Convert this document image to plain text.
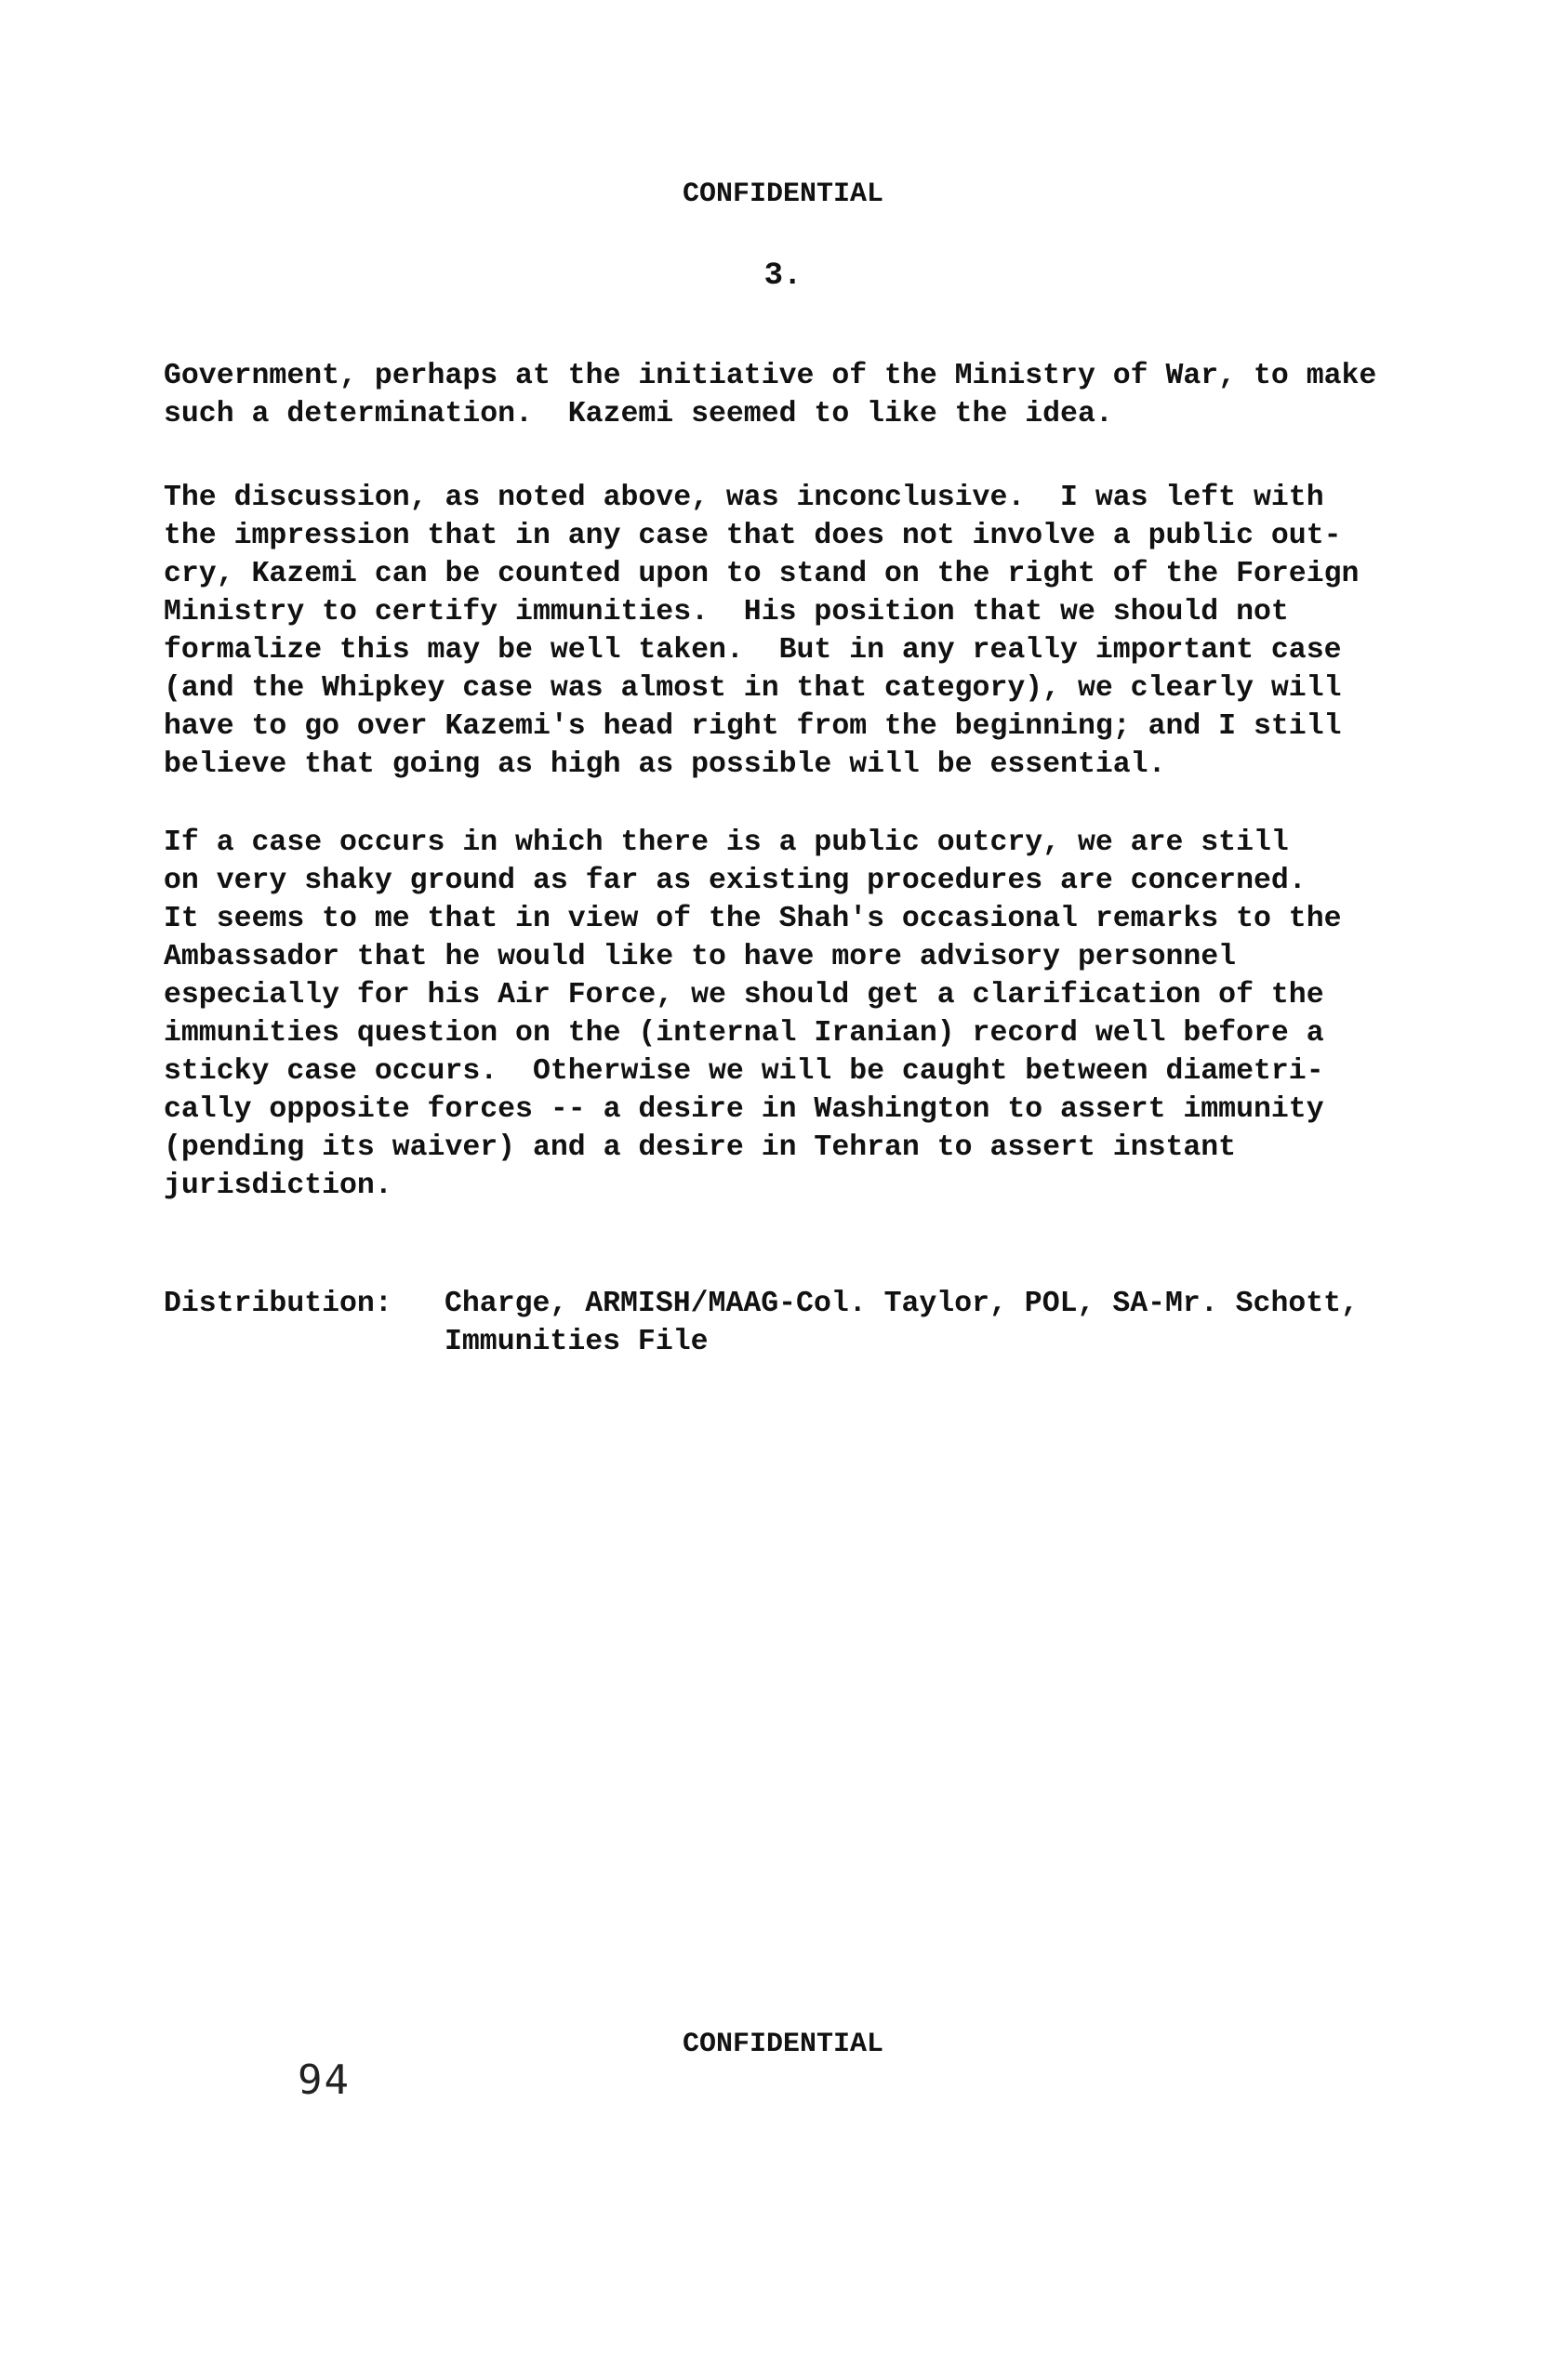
CONFIDENTIAL
3.
Government, perhaps at the initiative of the Ministry of War, to make
such a determination.  Kazemi seemed to like the idea.
The discussion, as noted above, was inconclusive.  I was left with
the impression that in any case that does not involve a public out-
cry, Kazemi can be counted upon to stand on the right of the Foreign
Ministry to certify immunities.  His position that we should not
formalize this may be well taken.  But in any really important case
(and the Whipkey case was almost in that category), we clearly will
have to go over Kazemi's head right from the beginning; and I still
believe that going as high as possible will be essential.
If a case occurs in which there is a public outcry, we are still
on very shaky ground as far as existing procedures are concerned.
It seems to me that in view of the Shah's occasional remarks to the
Ambassador that he would like to have more advisory personnel
especially for his Air Force, we should get a clarification of the
immunities question on the (internal Iranian) record well before a
sticky case occurs.  Otherwise we will be caught between diametri-
cally opposite forces -- a desire in Washington to assert immunity
(pending its waiver) and a desire in Tehran to assert instant
jurisdiction.
Distribution: Charge, ARMISH/MAAG-Col. Taylor, POL, SA-Mr. Schott,
Immunities File
CONFIDENTIAL
94
